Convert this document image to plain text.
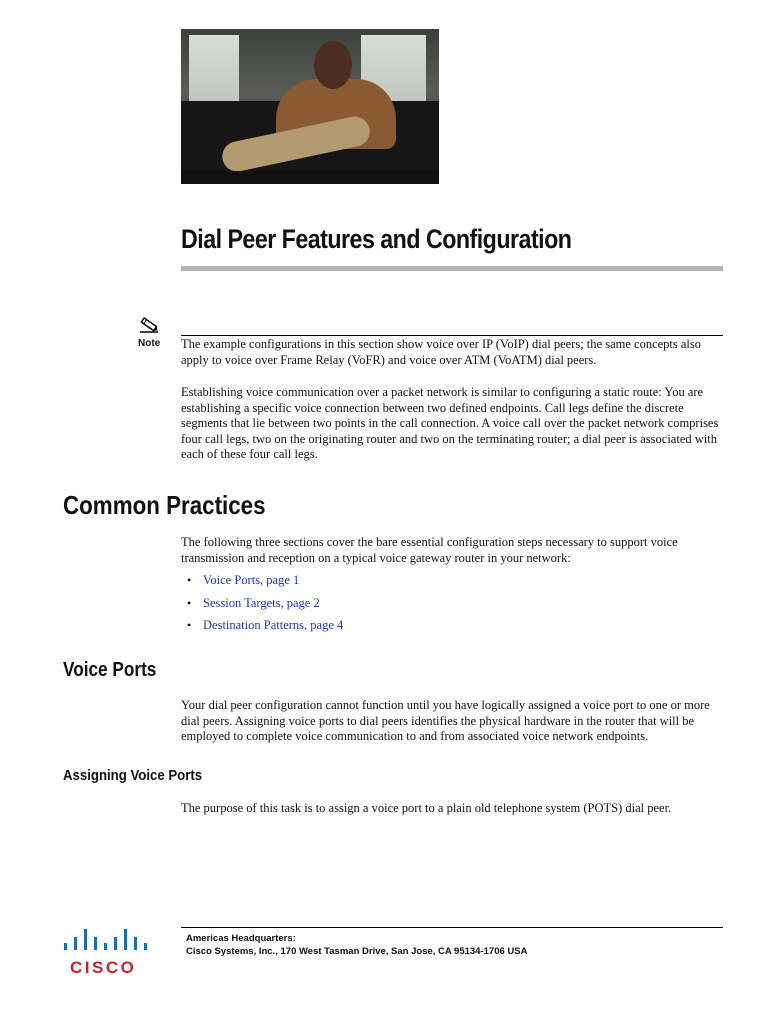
Dial Peer Features and Configuration
Note The example configurations in this section show voice over IP (VoIP) dial peers; the same concepts also apply to voice over Frame Relay (VoFR) and voice over ATM (VoATM) dial peers.

Establishing voice communication over a packet network is similar to configuring a static route: You are establishing a specific voice connection between two defined endpoints. Call legs define the discrete segments that lie between two points in the call connection. A voice call over the packet network comprises four call legs, two on the originating router and two on the terminating router; a dial peer is associated with each of these four call legs.

Common Practices

The following three sections cover the bare essential configuration steps necessary to support voice transmission and reception on a typical voice gateway router in your network:

• Voice Ports, page 1
• Session Targets, page 2
• Destination Patterns, page 4
Voice Ports

Your dial peer configuration cannot function until you have logically assigned a voice port to one or more dial peers. Assigning voice ports to dial peers identifies the physical hardware in the router that will be employed to complete voice communication to and from associated voice network endpoints.

Assigning Voice Ports

The purpose of this task is to assign a voice port to a plain old telephone system (POTS) dial peer.

CISCO
Americas Headquarters:
Cisco Systems, Inc., 170 West Tasman Drive, San Jose, CA 95134-1706 USA
